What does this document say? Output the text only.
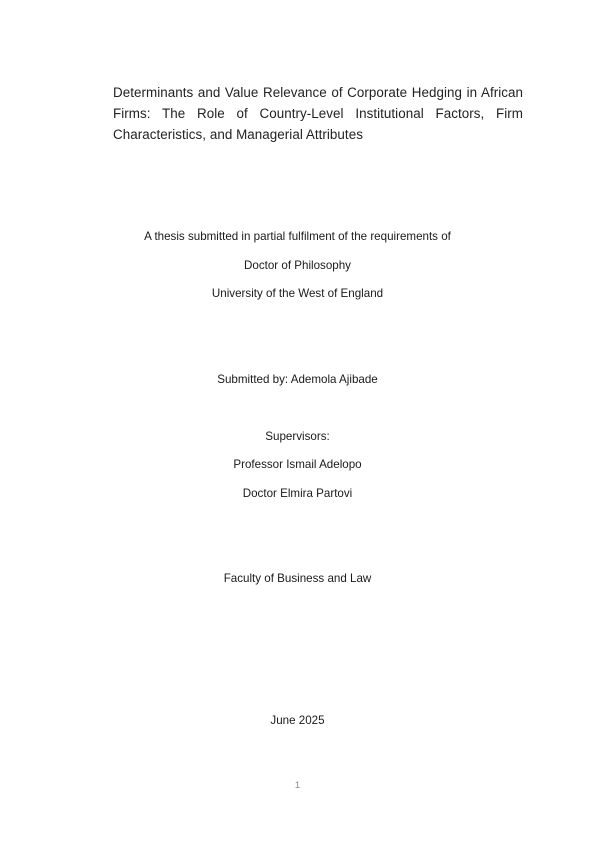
Determinants and Value Relevance of Corporate Hedging in African Firms: The Role of Country-Level Institutional Factors, Firm Characteristics, and Managerial Attributes
A thesis submitted in partial fulfilment of the requirements of
Doctor of Philosophy
University of the West of England
Submitted by: Ademola Ajibade
Supervisors:
Professor Ismail Adelopo
Doctor Elmira Partovi
Faculty of Business and Law
June 2025
1
